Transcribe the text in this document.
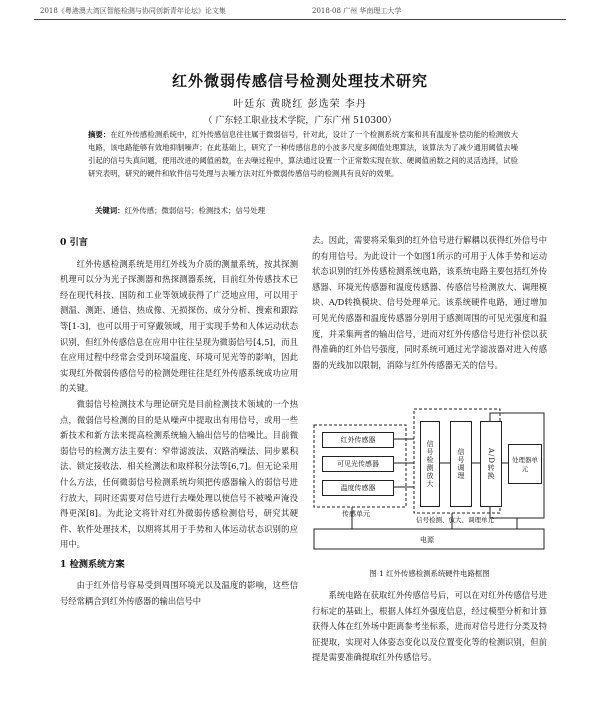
2018《粤港澳大湾区智能检测与协同创新青年论坛》论文集	2018·08 广州 华南理工大学
红外微弱传感信号检测处理技术研究
叶廷东 黄晓红 彭选荣 李丹
（ 广东轻工职业技术学院，广东广州 510300）
摘要：在红外传感检测系统中，红外传感信息往往属于微弱信号，针对此，设计了一个检测系统方案和具有温度补偿功能的检测放大电路，该电路能够有效地抑制噪声；在此基础上，研究了一种传感信息的小波多尺度多阈值处理算法，该算法为了减少通用阈值去噪引起的信号失真问题，使用改进的阈值函数，在去噪过程中，算法通过设置一个正常数实现在软、硬阈值函数之间的灵活选择，试验研究表明，研究的硬件和软件信号处理与去噪方法对红外微弱传感信号的检测具有良好的效果。
关键词：红外传感；微弱信号；检测技术；信号处理

0 引言

红外传感检测系统是用红外线为介质的测量系统，按其探测机理可以分为光子探测器和热探测器系统，目前红外传感技术已经在现代科技、国防和工业等领域获得了广泛地应用，可以用于测温、测距、通信、热成像、无损探伤、成分分析、搜索和跟踪等[1-3]，也可以用于可穿戴领域，用于实现手势和人体运动状态识别，但红外传感信息在应用中往往呈现为微弱信号[4,5]，而且在应用过程中经常会受到环境温度、环境可见光等的影响，因此实现红外微弱传感信号的检测处理往往是红外传感系统成功应用的关键。

微弱信号检测技术与理论研究是目前检测技术领域的一个热点，微弱信号检测的目的是从噪声中提取出有用信号，或用一些新技术和新方法来提高检测系统输入输出信号的信噪比。目前微弱信号的检测方法主要有：窄带滤波法、双路消噪法、同步累积法、锁定接收法、相关检测法和取样积分法等[6,7]。但无论采用什么方法，任何微弱信号检测系统均须把传感器输入的弱信号进行放大，同时还需要对信号进行去噪处理以使信号不被噪声淹没得更深[8]。为此论文将针对红外微弱传感检测信号，研究其硬件、软件处理技术，以期将其用于手势和人体运动状态识别的应用中。

1 检测系统方案

由于红外信号容易受到周围环境光以及温度的影响，这些信号经常耦合到红外传感器的输出信号中

去。因此，需要将采集到的红外信号进行解耦以获得红外信号中的有用信号。为此设计一个如图1所示的可用于人体手势和运动状态识别的红外传感检测系统电路，该系统电路主要包括红外传感器、环境光传感器和温度传感器、传感信号检测放大、调理模块、A/D转换模块、信号处理单元。该系统硬件电路，通过增加可见光传感器和温度传感器分别用于感测周围的可见光强度和温度，并采集两者的输出信号，进而对红外传感信号进行补偿以获得准确的红外信号强度，同时系统可通过光学滤波器对进入传感器的光线加以限制，消除与红外传感器无关的信号。

红外传感器
可见光传感器
温度传感器
传感单元
信号检测放大	信号调理	A/D转换	处理器单元
信号检测、放大、调理单元
电源
图 1 红外传感检测系统硬件电路框图

系统电路在获取红外传感信号后，可以在对红外传感信号进行标定的基础上，根据人体红外强度信息，经过模型分析和计算获得人体在红外场中距离参考坐标系，进而对信号进行分类及特征提取，实现对人体姿态变化以及位置变化等的检测识别，但前提是需要准确提取红外传感信号。
